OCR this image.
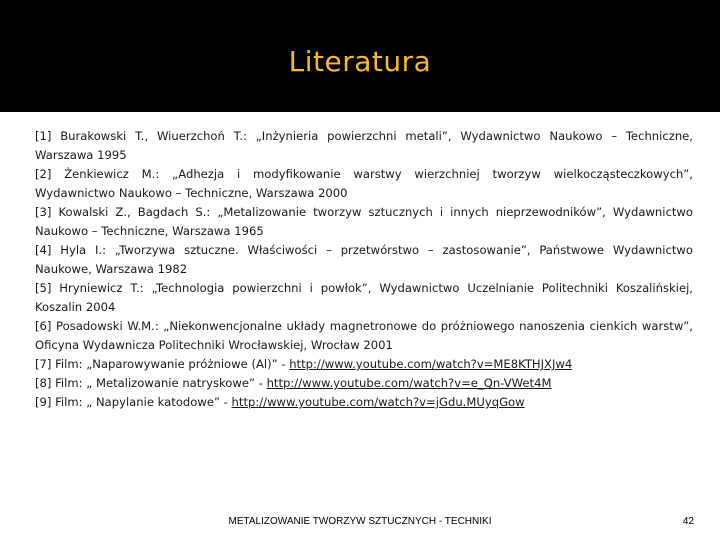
Literatura

[1] Burakowski T., Wiuerzchoń T.: „Inżynieria powierzchni metali”, Wydawnictwo Naukowo – Techniczne, Warszawa 1995

[2] Żenkiewicz M.: „Adhezja i modyfikowanie warstwy wierzchniej tworzyw wielkocząsteczkowych”, Wydawnictwo Naukowo – Techniczne, Warszawa 2000

[3] Kowalski Z., Bagdach S.: „Metalizowanie tworzyw sztucznych i innych nieprzewodników”, Wydawnictwo Naukowo – Techniczne, Warszawa 1965

[4] Hyla I.: „Tworzywa sztuczne. Właściwości – przetwórstwo – zastosowanie”, Państwowe Wydawnictwo Naukowe, Warszawa 1982

[5] Hryniewicz T.: „Technologia powierzchni i powłok”, Wydawnictwo Uczelnianie Politechniki Koszalińskiej, Koszalin 2004

[6] Posadowski W.M.: „Niekonwencjonalne układy magnetronowe do próżniowego nanoszenia cienkich warstw”, Oficyna Wydawnicza Politechniki Wrocławskiej, Wrocław 2001

[7] Film: „Naparowywanie próżniowe (Al)” - http://www.youtube.com/watch?v=ME8KTHJXJw4

[8] Film: „ Metalizowanie natryskowe” - http://www.youtube.com/watch?v=e_Qn-VWet4M

[9] Film: „ Napylanie katodowe” - http://www.youtube.com/watch?v=jGdu.MUyqGow

METALIZOWANIE TWORZYW SZTUCZNYCH - TECHNIKI	42
